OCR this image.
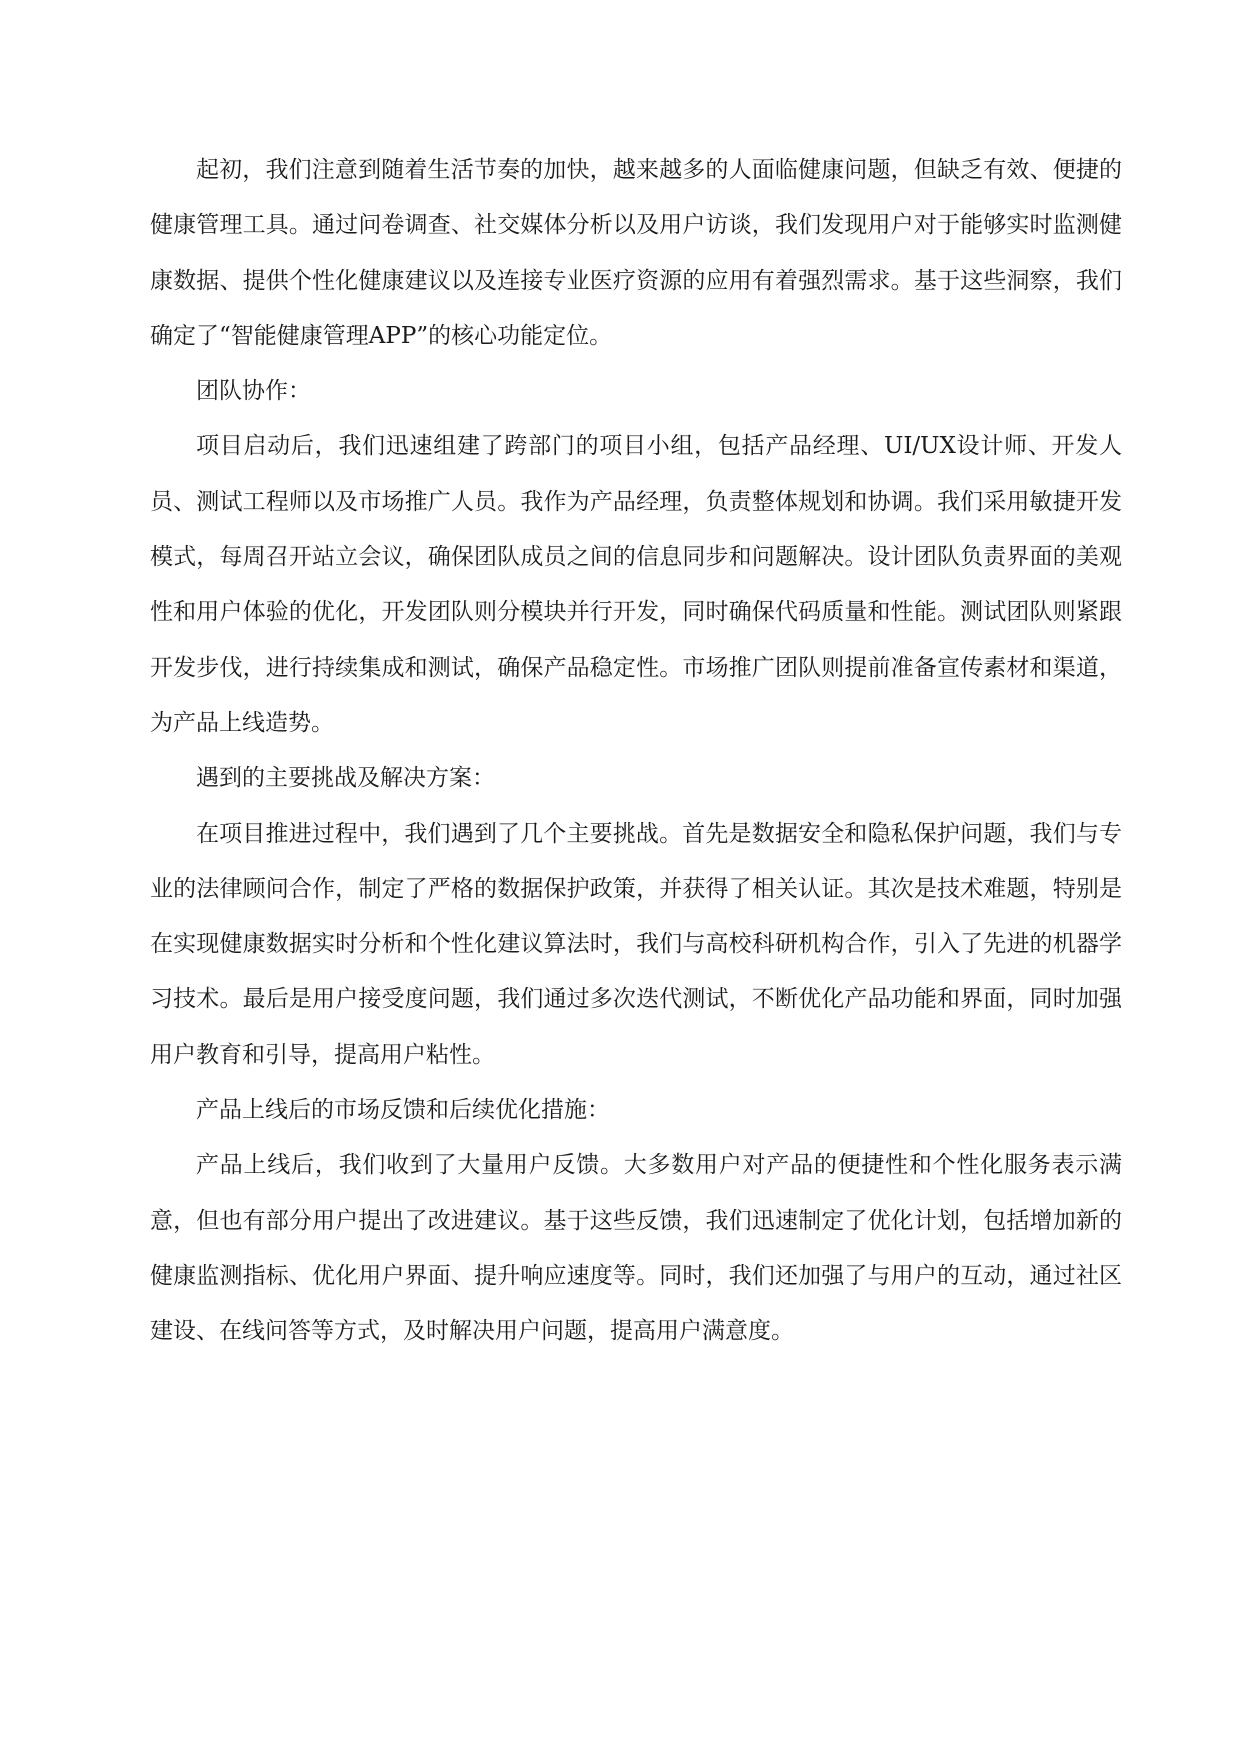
起初，我们注意到随着生活节奏的加快，越来越多的人面临健康问题，但缺乏有效、便捷的健康管理工具。通过问卷调查、社交媒体分析以及用户访谈，我们发现用户对于能够实时监测健康数据、提供个性化健康建议以及连接专业医疗资源的应用有着强烈需求。基于这些洞察，我们确定了“智能健康管理APP”的核心功能定位。

团队协作：

项目启动后，我们迅速组建了跨部门的项目小组，包括产品经理、UI/UX设计师、开发人员、测试工程师以及市场推广人员。我作为产品经理，负责整体规划和协调。我们采用敏捷开发模式，每周召开站立会议，确保团队成员之间的信息同步和问题解决。设计团队负责界面的美观性和用户体验的优化，开发团队则分模块并行开发，同时确保代码质量和性能。测试团队则紧跟开发步伐，进行持续集成和测试，确保产品稳定性。市场推广团队则提前准备宣传素材和渠道，为产品上线造势。

遇到的主要挑战及解决方案：

在项目推进过程中，我们遇到了几个主要挑战。首先是数据安全和隐私保护问题，我们与专业的法律顾问合作，制定了严格的数据保护政策，并获得了相关认证。其次是技术难题，特别是在实现健康数据实时分析和个性化建议算法时，我们与高校科研机构合作，引入了先进的机器学习技术。最后是用户接受度问题，我们通过多次迭代测试，不断优化产品功能和界面，同时加强用户教育和引导，提高用户粘性。

产品上线后的市场反馈和后续优化措施：

产品上线后，我们收到了大量用户反馈。大多数用户对产品的便捷性和个性化服务表示满意，但也有部分用户提出了改进建议。基于这些反馈，我们迅速制定了优化计划，包括增加新的健康监测指标、优化用户界面、提升响应速度等。同时，我们还加强了与用户的互动，通过社区建设、在线问答等方式，及时解决用户问题，提高用户满意度。
